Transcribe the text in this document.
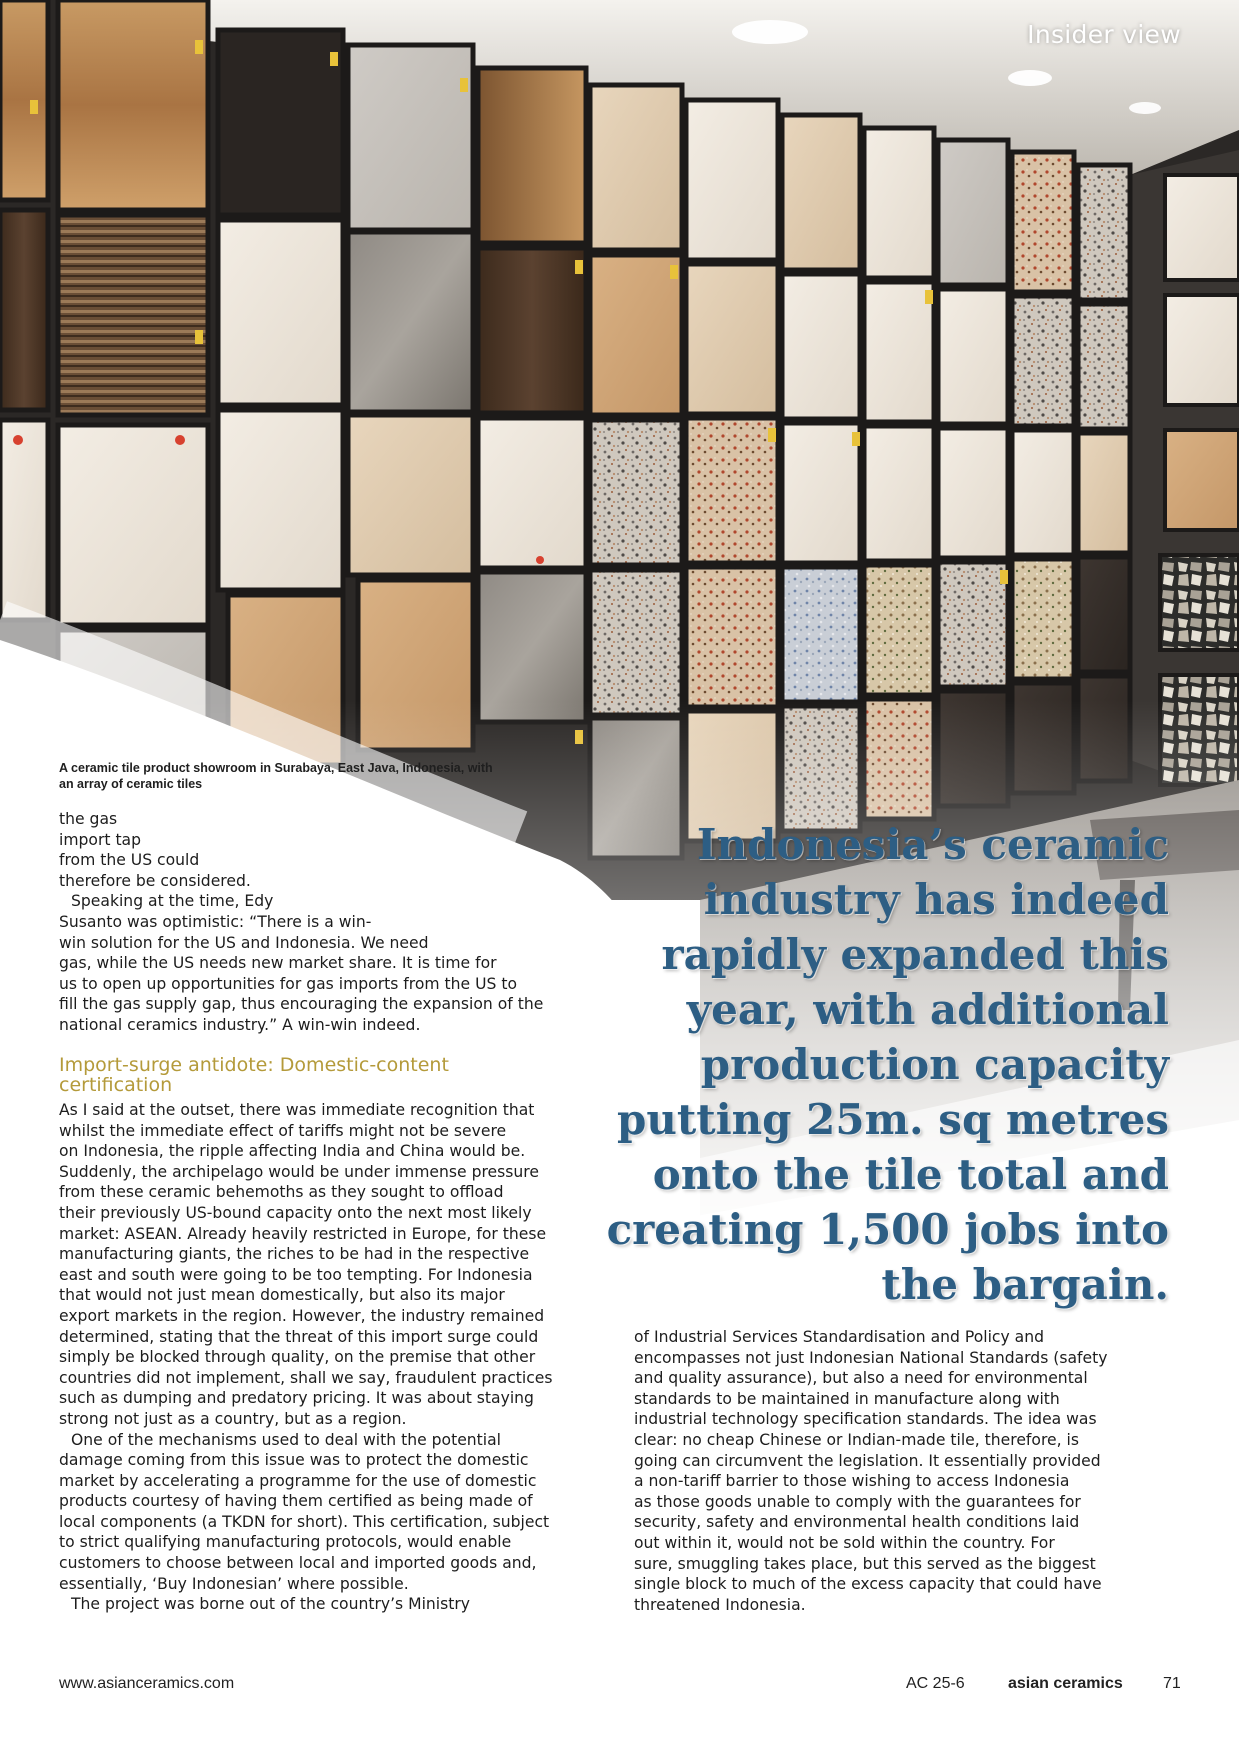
Insider view
A ceramic tile product showroom in Surabaya, East Java, Indonesia, with an array of ceramic tiles

the gas
import tap
from the US could
therefore be considered.
Speaking at the time, Edy
Susanto was optimistic: “There is a win-
win solution for the US and Indonesia. We need
gas, while the US needs new market share. It is time for
us to open up opportunities for gas imports from the US to
fill the gas supply gap, thus encouraging the expansion of the
national ceramics industry.” A win-win indeed.

Import-surge antidote: Domestic-content certification

As I said at the outset, there was immediate recognition that
whilst the immediate effect of tariffs might not be severe
on Indonesia, the ripple affecting India and China would be.
Suddenly, the archipelago would be under immense pressure
from these ceramic behemoths as they sought to offload
their previously US-bound capacity onto the next most likely
market: ASEAN. Already heavily restricted in Europe, for these
manufacturing giants, the riches to be had in the respective
east and south were going to be too tempting. For Indonesia
that would not just mean domestically, but also its major
export markets in the region. However, the industry remained
determined, stating that the threat of this import surge could
simply be blocked through quality, on the premise that other
countries did not implement, shall we say, fraudulent practices
such as dumping and predatory pricing. It was about staying
strong not just as a country, but as a region.

One of the mechanisms used to deal with the potential
damage coming from this issue was to protect the domestic
market by accelerating a programme for the use of domestic
products courtesy of having them certified as being made of
local components (a TKDN for short). This certification, subject
to strict qualifying manufacturing protocols, would enable
customers to choose between local and imported goods and,
essentially, ‘Buy Indonesian’ where possible.

The project was borne out of the country’s Ministry

Indonesia’s ceramic
industry has indeed
rapidly expanded this
year, with additional
production capacity
putting 25m. sq metres
onto the tile total and
creating 1,500 jobs into
the bargain.

of Industrial Services Standardisation and Policy and
encompasses not just Indonesian National Standards (safety
and quality assurance), but also a need for environmental
standards to be maintained in manufacture along with
industrial technology specification standards. The idea was
clear: no cheap Chinese or Indian-made tile, therefore, is
going can circumvent the legislation. It essentially provided
a non-tariff barrier to those wishing to access Indonesia
as those goods unable to comply with the guarantees for
security, safety and environmental health conditions laid
out within it, would not be sold within the country. For
sure, smuggling takes place, but this served as the biggest
single block to much of the excess capacity that could have
threatened Indonesia.

www.asianceramics.com	AC 25-6	asian ceramics	71
